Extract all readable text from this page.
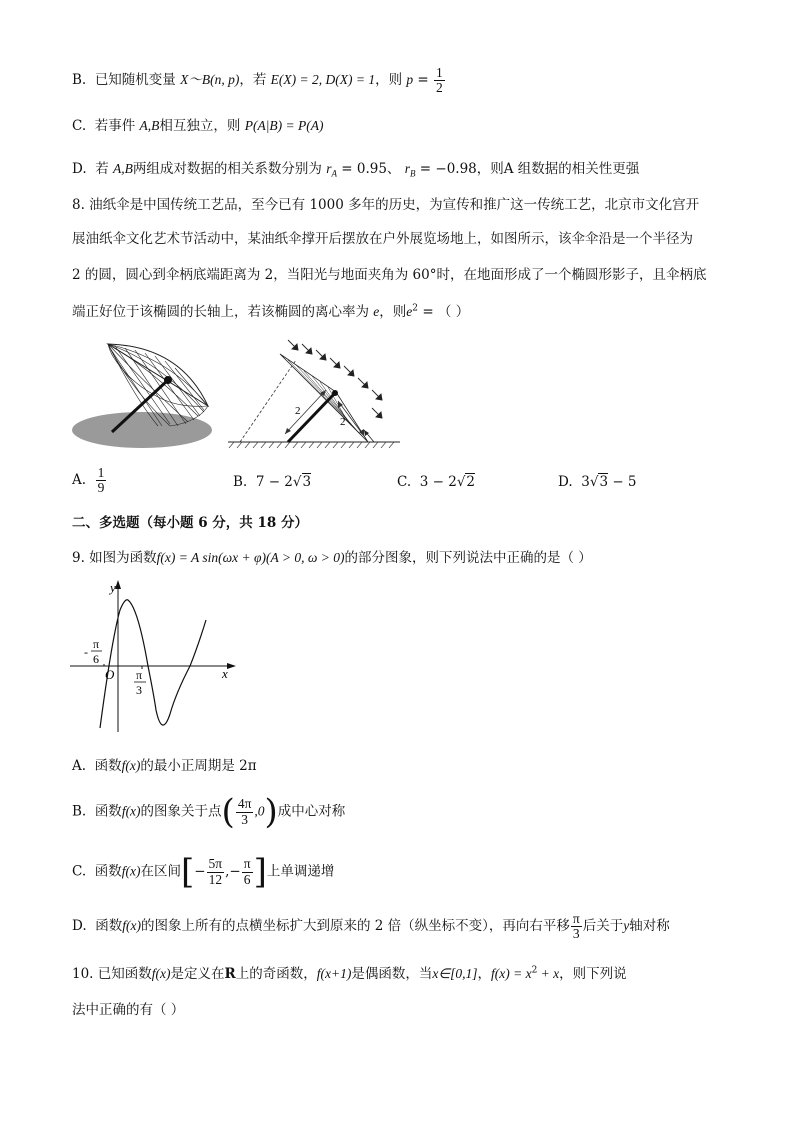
B. 已知随机变量 X～B(n, p)，若 E(X) = 2, D(X) = 1，则 $p = \frac{1}{2}$
C. 若事件 A,B相互独立，则 P(A|B) = P(A)
D. 若 A,B两组成对数据的相关系数分别为 $r_A = 0.95$、 $r_B = -0.98$，则A 组数据的相关性更强
8. 油纸伞是中国传统工艺品，至今已有 1000 多年的历史，为宣传和推广这一传统工艺，北京市文化宫开
展油纸伞文化艺术节活动中，某油纸伞撑开后摆放在户外展览场地上，如图所示，该伞伞沿是一个半径为
2 的圆，圆心到伞柄底端距离为 2，当阳光与地面夹角为 60°时，在地面形成了一个椭圆形影子，且伞柄底
端正好位于该椭圆的长轴上，若该椭圆的离心率为 e，则$e^2$ = （ ）
2
2
A. $\frac{1}{9}$	B. 7 − 2√3	C. 3 − 2√2	D. 3√3 − 5
二、多选题（每小题 6 分，共 18 分）
9. 如图为函数f(x) = A sin(ωx + φ)(A > 0, ω > 0)的部分图象，则下列说法中正确的是（ ）
y
x
O
-
π
6
π
3
A. 函数f(x)的最小正周期是 2π
B. 函数f(x)的图象关于点( $\frac{4\pi}{3} ,0$)成中心对称
C. 函数f(x)在区间[− $\frac{5\pi}{12}$ ,− $\frac{\pi}{6}$ ]上单调递增
D. 函数f(x)的图象上所有的点横坐标扩大到原来的 2 倍（纵坐标不变），再向右平移 $\frac{\pi}{3}$ 后关于y轴对称
10. 已知函数f(x)是定义在R上的奇函数，f(x+1)是偶函数，当x∈[0,1]，$f(x) = x^2 + x$，则下列说
法中正确的有（ ）
